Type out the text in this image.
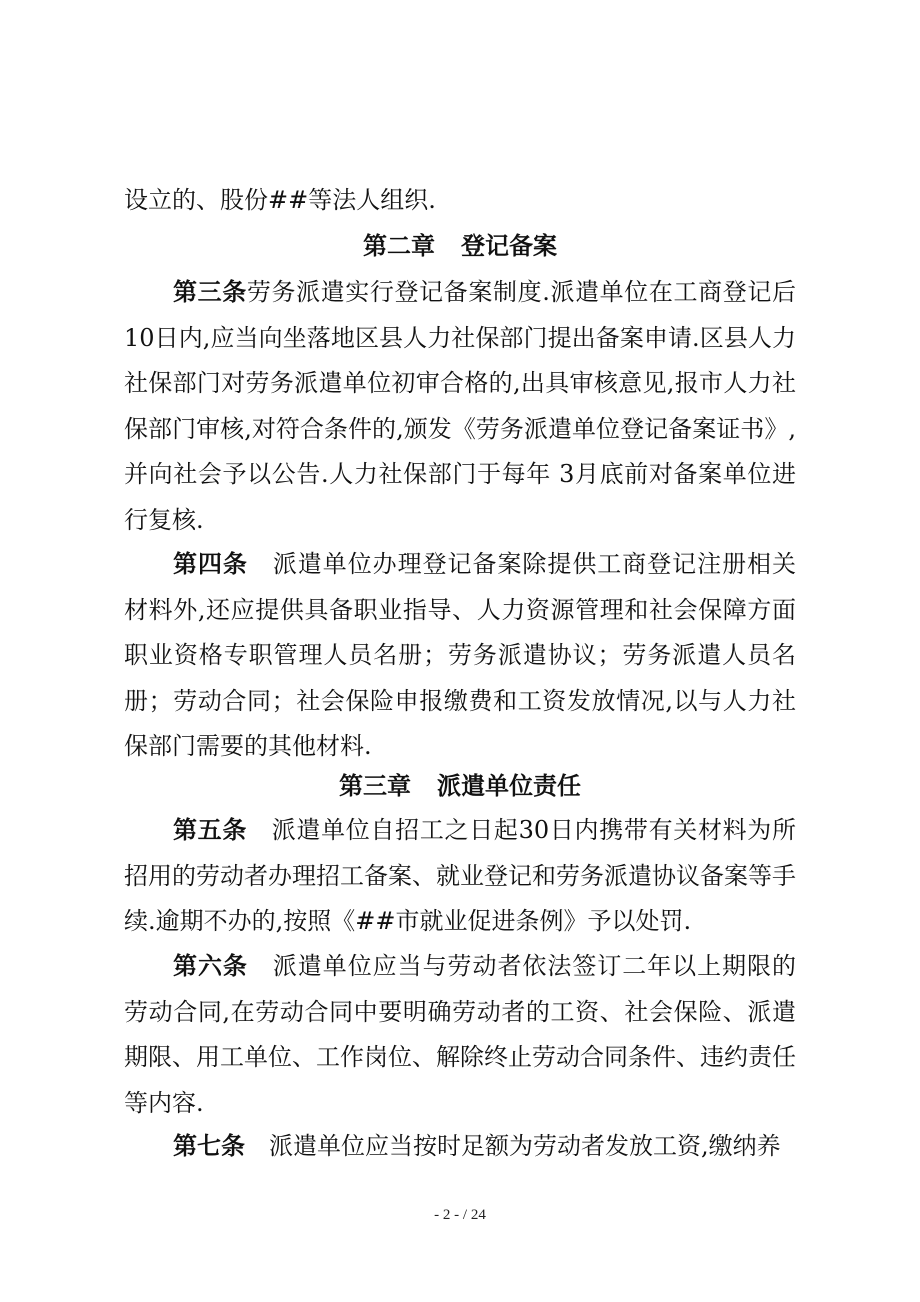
设立的、股份##等法人组织.

第二章 登记备案

第三条劳务派遣实行登记备案制度.派遣单位在工商登记后10日内,应当向坐落地区县人力社保部门提出备案申请.区县人力社保部门对劳务派遣单位初审合格的,出具审核意见,报市人力社保部门审核,对符合条件的,颁发《劳务派遣单位登记备案证书》,并向社会予以公告.人力社保部门于每年 3月底前对备案单位进行复核.

第四条  派遣单位办理登记备案除提供工商登记注册相关材料外,还应提供具备职业指导、人力资源管理和社会保障方面职业资格专职管理人员名册；劳务派遣协议；劳务派遣人员名册；劳动合同；社会保险申报缴费和工资发放情况,以与人力社保部门需要的其他材料.

第三章 派遣单位责任

第五条  派遣单位自招工之日起30日内携带有关材料为所招用的劳动者办理招工备案、就业登记和劳务派遣协议备案等手续.逾期不办的,按照《##市就业促进条例》予以处罚.

第六条  派遣单位应当与劳动者依法签订二年以上期限的劳动合同,在劳动合同中要明确劳动者的工资、社会保险、派遣期限、用工单位、工作岗位、解除终止劳动合同条件、违约责任等内容.

第七条  派遣单位应当按时足额为劳动者发放工资,缴纳养

- 2 - / 24
